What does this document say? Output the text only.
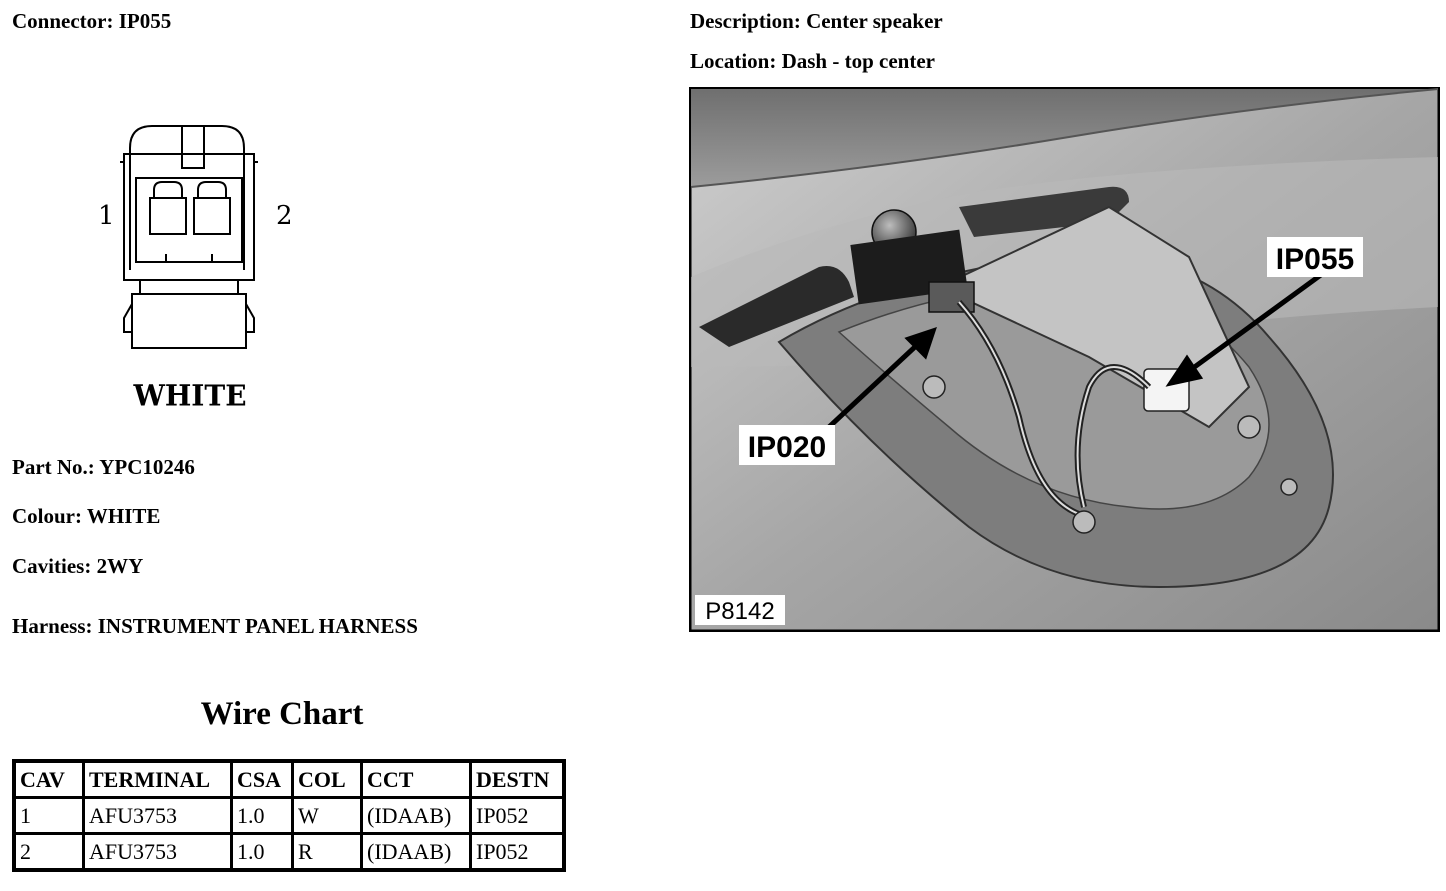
Connector: IP055	Description: Center speaker
Location: Dash - top center
1	2
WHITE
Part No.: YPC10246
Colour: WHITE
Cavities: 2WY
Harness: INSTRUMENT PANEL HARNESS
Wire Chart
CAV	TERMINAL	CSA	COL	CCT	DESTN
1	AFU3753	1.0	W	(IDAAB)	IP052
2	AFU3753	1.0	R	(IDAAB)	IP052
IP055
IP020
P8142
